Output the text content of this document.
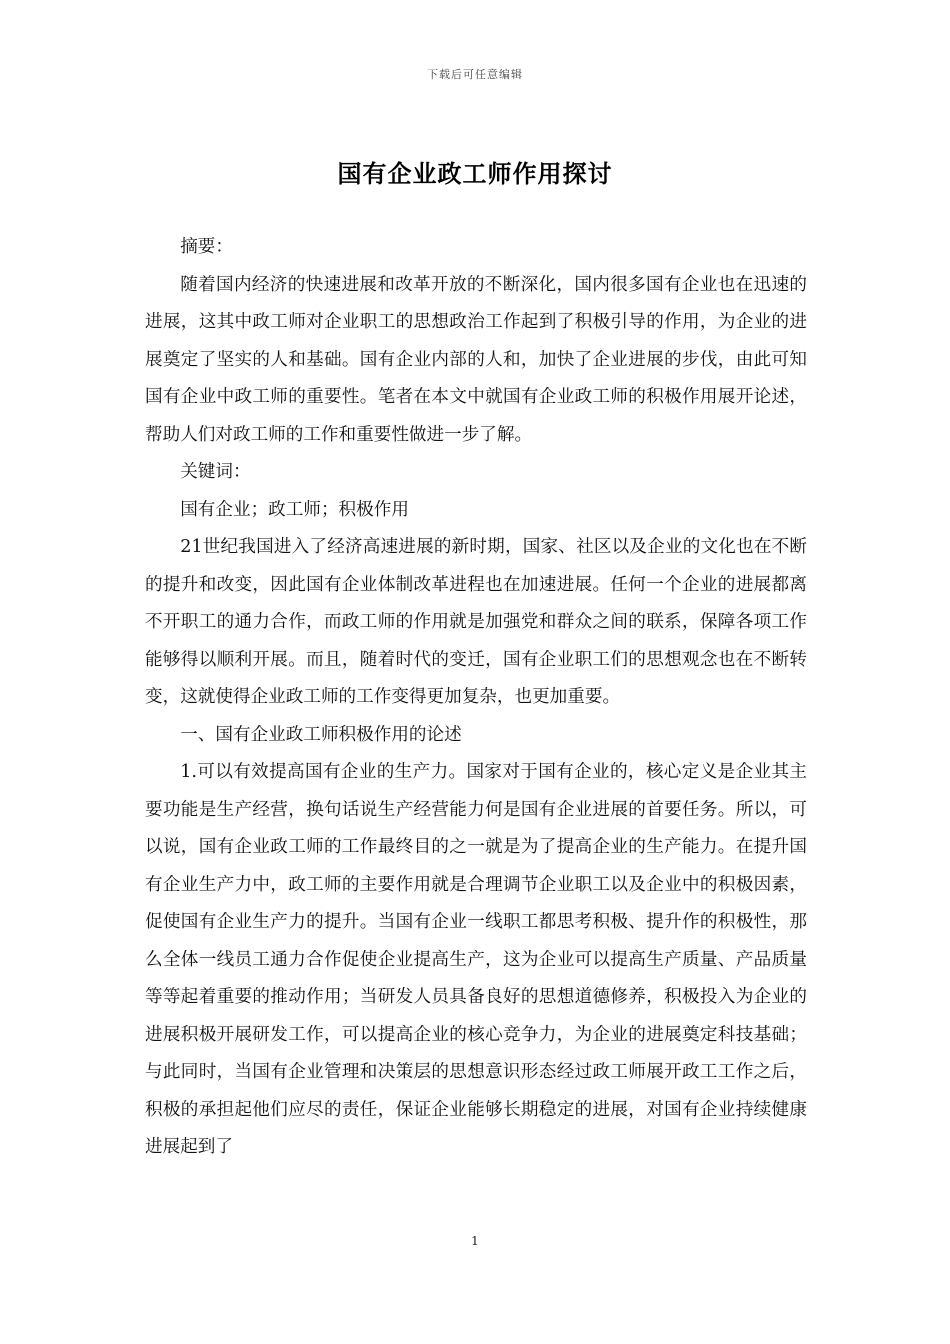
下载后可任意编辑
国有企业政工师作用探讨

摘要：

随着国内经济的快速进展和改革开放的不断深化，国内很多国有企业也在迅速的进展，这其中政工师对企业职工的思想政治工作起到了积极引导的作用，为企业的进展奠定了坚实的人和基础。国有企业内部的人和，加快了企业进展的步伐，由此可知国有企业中政工师的重要性。笔者在本文中就国有企业政工师的积极作用展开论述，帮助人们对政工师的工作和重要性做进一步了解。

关键词：

国有企业；政工师；积极作用

21世纪我国进入了经济高速进展的新时期，国家、社区以及企业的文化也在不断的提升和改变，因此国有企业体制改革进程也在加速进展。任何一个企业的进展都离不开职工的通力合作，而政工师的作用就是加强党和群众之间的联系，保障各项工作能够得以顺利开展。而且，随着时代的变迁，国有企业职工们的思想观念也在不断转变，这就使得企业政工师的工作变得更加复杂，也更加重要。

一、国有企业政工师积极作用的论述

1.可以有效提高国有企业的生产力。国家对于国有企业的，核心定义是企业其主要功能是生产经营，换句话说生产经营能力何是国有企业进展的首要任务。所以，可以说，国有企业政工师的工作最终目的之一就是为了提高企业的生产能力。在提升国有企业生产力中，政工师的主要作用就是合理调节企业职工以及企业中的积极因素，促使国有企业生产力的提升。当国有企业一线职工都思考积极、提升作的积极性，那么全体一线员工通力合作促使企业提高生产，这为企业可以提高生产质量、产品质量等等起着重要的推动作用；当研发人员具备良好的思想道德修养，积极投入为企业的进展积极开展研发工作，可以提高企业的核心竞争力，为企业的进展奠定科技基础；与此同时，当国有企业管理和决策层的思想意识形态经过政工师展开政工工作之后，积极的承担起他们应尽的责任，保证企业能够长期稳定的进展，对国有企业持续健康进展起到了

1
